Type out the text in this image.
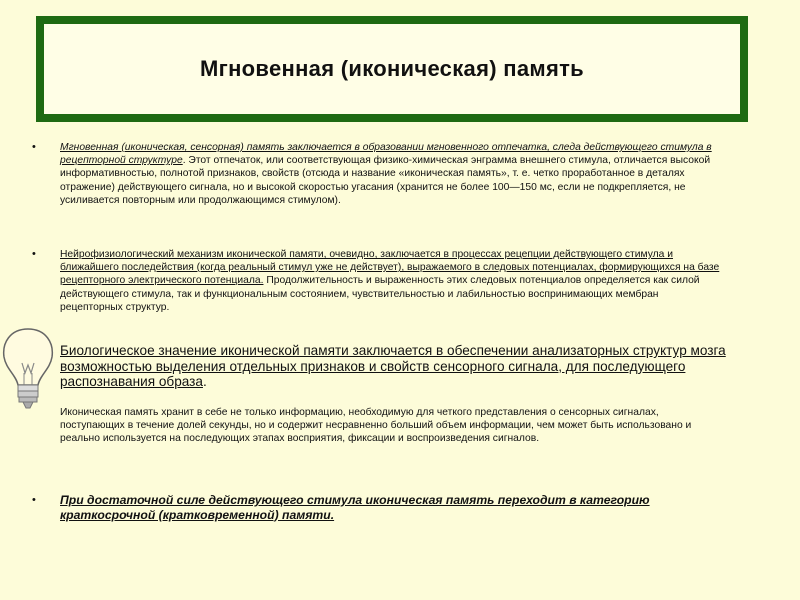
Мгновенная (иконическая) память
• Мгновенная (иконическая, сенсорная) память заключается в образовании мгновенного отпечатка, следа действующего стимула в рецепторной структуре. Этот отпечаток, или соответствующая физико-химическая энграмма внешнего стимула, отличается высокой информативностью, полнотой признаков, свойств (отсюда и название «иконическая память», т. е. четко проработанное в деталях отражение) действующего сигнала, но и высокой скоростью угасания (хранится не более 100—150 мс, если не подкрепляется, не усиливается повторным или продолжающимся стимулом).
• Нейрофизиологический механизм иконической памяти, очевидно, заключается в процессах рецепции действующего стимула и ближайшего последействия (когда реальный стимул уже не действует), выражаемого в следовых потенциалах, формирующихся на базе рецепторного электрического потенциала. Продолжительность и выраженность этих следовых потенциалов определяется как силой действующего стимула, так и функциональным состоянием, чувствительностью и лабильностью воспринимающих мембран рецепторных структур.
Биологическое значение иконической памяти заключается в обеспечении анализаторных структур мозга возможностью выделения отдельных признаков и свойств сенсорного сигнала, для последующего распознавания образа.
Иконическая память хранит в себе не только информацию, необходимую для четкого представления о сенсорных сигналах, поступающих в течение долей секунды, но и содержит несравненно больший объем информации, чем может быть использовано и реально используется на последующих этапах восприятия, фиксации и воспроизведения сигналов.
• При достаточной силе действующего стимула иконическая память переходит в категорию краткосрочной (кратковременной) памяти.
